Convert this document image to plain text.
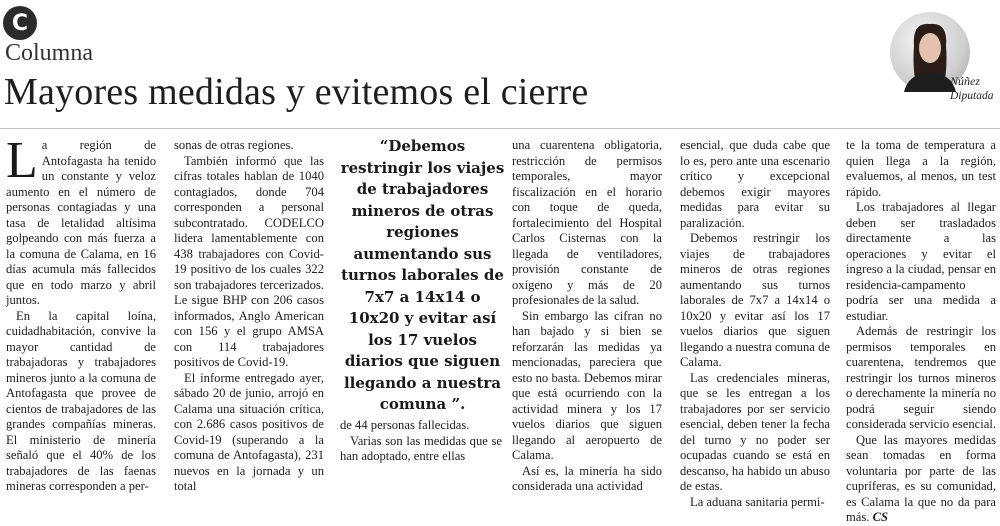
C
Columna
Mayores medidas y evitemos el cierre	Núñez
Diputada

La región de Antofagasta ha tenido un constante y veloz aumento en el número de personas contagiadas y una tasa de letalidad altísima golpeando con más fuerza a la comuna de Calama, en 16 días acumula más fallecidos que en todo marzo y abril juntos.

En la capital loína, cuidadhabitación, convive la mayor cantidad de trabajadoras y trabajadores mineros junto a la comuna de Antofagasta que provee de cientos de trabajadores de las grandes compañías mineras. El ministerio de minería señaló que el 40% de los trabajadores de las faenas mineras corresponden a per-

sonas de otras regiones.

También informó que las cifras totales hablan de 1040 contagiados, donde 704 corresponden a personal subcontratado. CODELCO lidera lamentablemente con 438 trabajadores con Covid-19 positivo de los cuales 322 son trabajadores tercerizados. Le sigue BHP con 206 casos informados, Anglo American con 156 y el grupo AMSA con 114 trabajadores positivos de Covid-19.

El informe entregado ayer, sábado 20 de junio, arrojó en Calama una situación crítica, con 2.686 casos positivos de Covid-19 (superando a la comuna de Antofagasta), 231 nuevos en la jornada y un total

“Debemos restringir los viajes de trabajadores mineros de otras regiones aumentando sus turnos laborales de 7x7 a 14x14 o 10x20 y evitar así los 17 vuelos diarios que siguen llegando a nuestra comuna ”.

de 44 personas fallecidas.

Varias son las medidas que se han adoptado, entre ellas

una cuarentena obligatoria, restricción de permisos temporales, mayor fiscalización en el horario con toque de queda, fortalecimiento del Hospital Carlos Cisternas con la llegada de ventiladores, provisión constante de oxígeno y más de 20 profesionales de la salud.

Sin embargo las cifran no han bajado y si bien se reforzarán las medidas ya mencionadas, pareciera que esto no basta. Debemos mirar que está ocurriendo con la actividad minera y los 17 vuelos diarios que siguen llegando al aeropuerto de Calama.

Así es, la minería ha sido considerada una actividad

esencial, que duda cabe que lo es, pero ante una escenario crítico y excepcional debemos exigir mayores medidas para evitar su paralización.

Debemos restringir los viajes de trabajadores mineros de otras regiones aumentando sus turnos laborales de 7x7 a 14x14 o 10x20 y evitar así los 17 vuelos diarios que siguen llegando a nuestra comuna de Calama.

Las credenciales mineras, que se les entregan a los trabajadores por ser servicio esencial, deben tener la fecha del turno y no poder ser ocupadas cuando se está en descanso, ha habido un abuso de estas.

La aduana sanitaria permi-

te la toma de temperatura a quien llega a la región, evaluemos, al menos, un test rápido.

Los trabajadores al llegar deben ser trasladados directamente a las operaciones y evitar el ingreso a la ciudad, pensar en residencia-campamento podría ser una medida a estudiar.

Además de restringir los permisos temporales en cuarentena, tendremos que restringir los turnos mineros o derechamente la minería no podrá seguir siendo considerada servicio esencial.

Que las mayores medidas sean tomadas en forma voluntaria por parte de las cupríferas, es su comunidad, es Calama la que no da para más. CS
